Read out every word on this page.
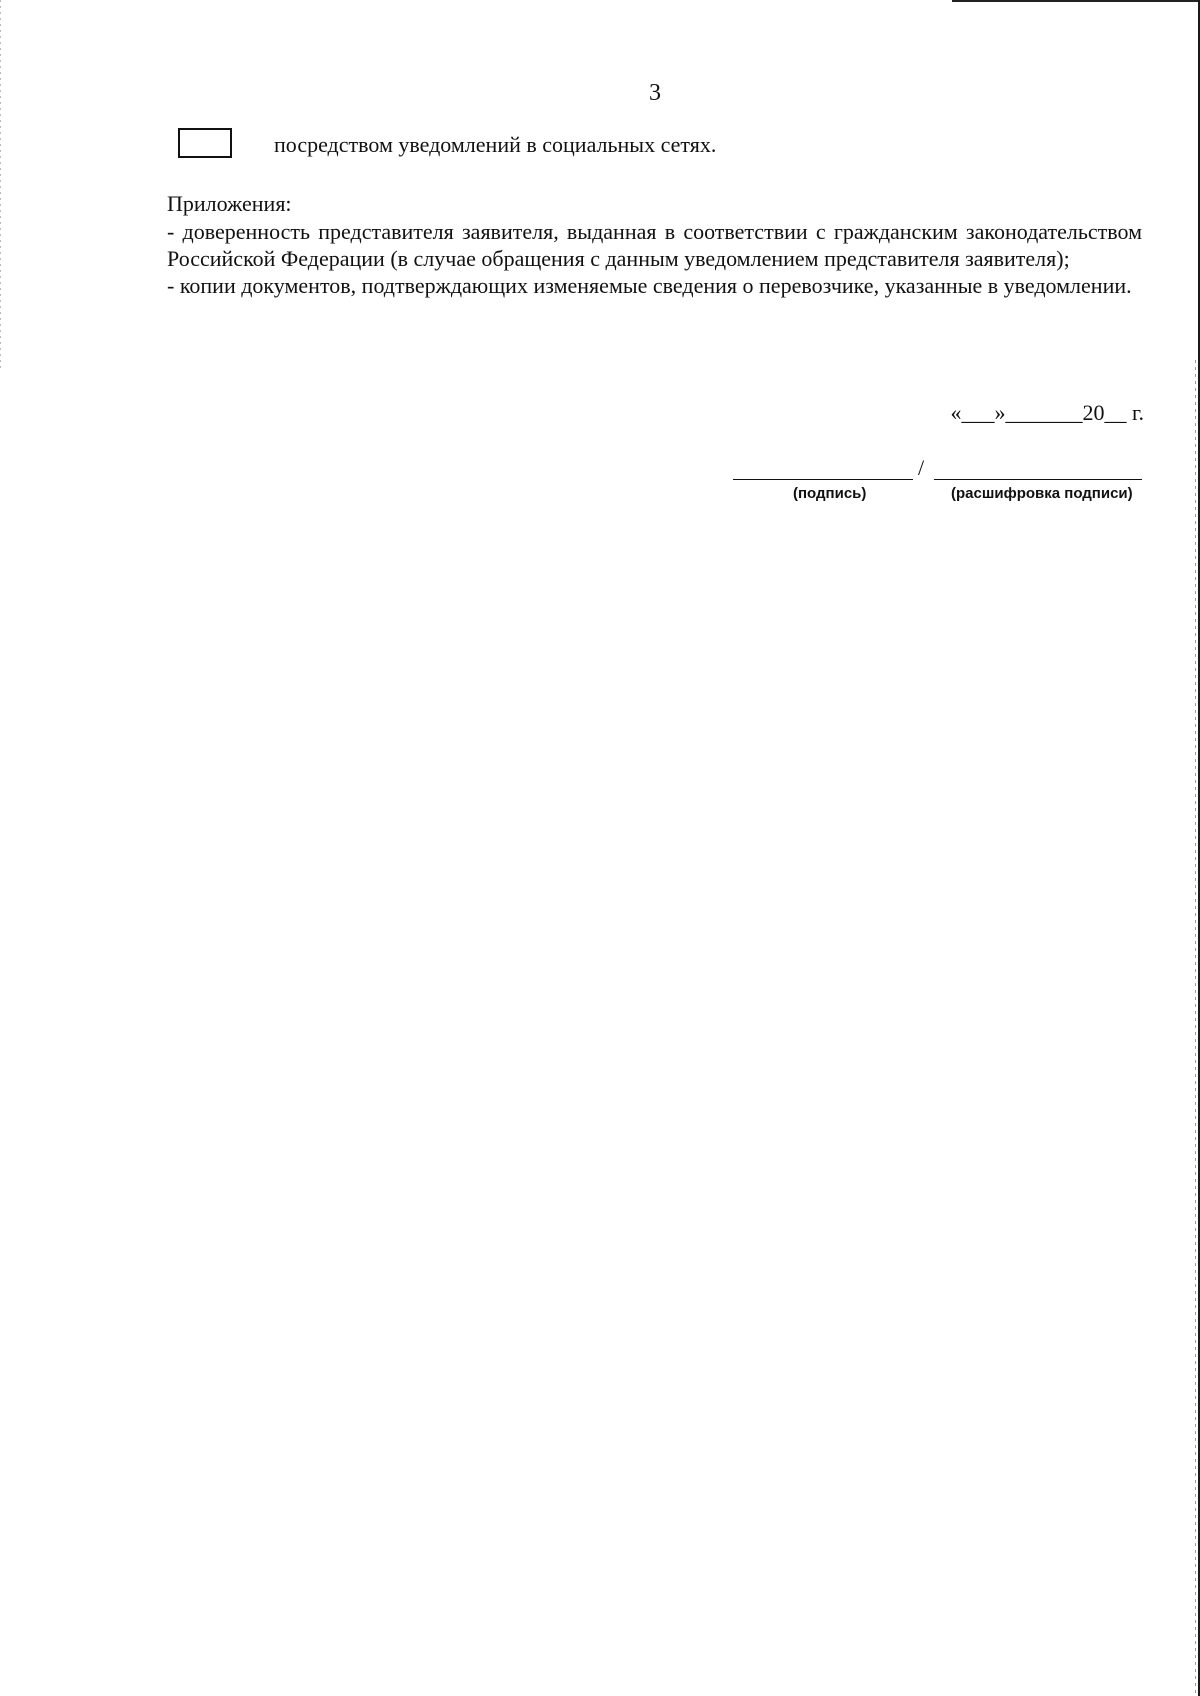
3
посредством уведомлений в социальных сетях.

Приложения:

- доверенность представителя заявителя, выданная в соответствии с гражданским законодательством Российской Федерации (в случае обращения с данным уведомлением представителя заявителя);

- копии документов, подтверждающих изменяемые сведения о перевозчике, указанные в уведомлении.

«___»_______20__ г.
/
(подпись)	(расшифровка подписи)
